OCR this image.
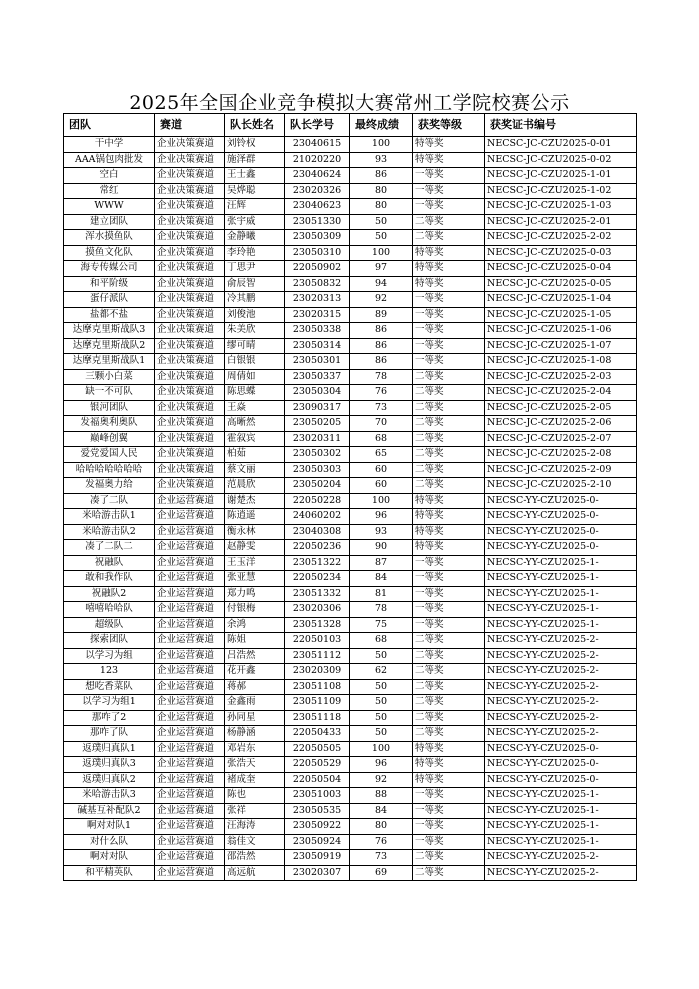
2025年全国企业竞争模拟大赛常州工学院校赛公示
团队	赛道	队长姓名	队长学号	最终成绩	获奖等级	获奖证书编号
干中学	企业决策赛道	刘铃权	23040615	100	特等奖	NECSC-JC-CZU2025-0-01
AAA锅包肉批发	企业决策赛道	施泽群	21020220	93	特等奖	NECSC-JC-CZU2025-0-02
空白	企业决策赛道	王士鑫	23040624	86	一等奖	NECSC-JC-CZU2025-1-01
常红	企业决策赛道	吴烨聪	23020326	80	一等奖	NECSC-JC-CZU2025-1-02
WWW	企业决策赛道	汪辉	23040623	80	一等奖	NECSC-JC-CZU2025-1-03
建立团队	企业决策赛道	张宇威	23051330	50	二等奖	NECSC-JC-CZU2025-2-01
浑水摸鱼队	企业决策赛道	金静曦	23050309	50	二等奖	NECSC-JC-CZU2025-2-02
摸鱼文化队	企业决策赛道	李玲艳	23050310	100	特等奖	NECSC-JC-CZU2025-0-03
海专传媒公司	企业决策赛道	丁思尹	22050902	97	特等奖	NECSC-JC-CZU2025-0-04
和平阶级	企业决策赛道	俞辰智	23050832	94	特等奖	NECSC-JC-CZU2025-0-05
蛋仔派队	企业决策赛道	冷其鹏	23020313	92	一等奖	NECSC-JC-CZU2025-1-04
盐都不盐	企业决策赛道	刘俊池	23020315	89	一等奖	NECSC-JC-CZU2025-1-05
达摩克里斯战队3	企业决策赛道	朱美欣	23050338	86	一等奖	NECSC-JC-CZU2025-1-06
达摩克里斯战队2	企业决策赛道	缪可晴	23050314	86	一等奖	NECSC-JC-CZU2025-1-07
达摩克里斯战队1	企业决策赛道	白银银	23050301	86	一等奖	NECSC-JC-CZU2025-1-08
三颗小白菜	企业决策赛道	周倩如	23050337	78	二等奖	NECSC-JC-CZU2025-2-03
缺一不可队	企业决策赛道	陈思蝶	23050304	76	二等奖	NECSC-JC-CZU2025-2-04
银河团队	企业决策赛道	王焱	23090317	73	二等奖	NECSC-JC-CZU2025-2-05
发福奥利奥队	企业决策赛道	高晰然	23050205	70	二等奖	NECSC-JC-CZU2025-2-06
巅峰创翼	企业决策赛道	霍叙宾	23020311	68	二等奖	NECSC-JC-CZU2025-2-07
爱党爱国人民	企业决策赛道	柏茹	23050302	65	二等奖	NECSC-JC-CZU2025-2-08
哈哈哈哈哈哈哈	企业决策赛道	蔡文丽	23050303	60	二等奖	NECSC-JC-CZU2025-2-09
发福奥力给	企业决策赛道	范晨欣	23050204	60	二等奖	NECSC-JC-CZU2025-2-10
凑了二队	企业运营赛道	谢楚杰	22050228	100	特等奖	NECSC-YY-CZU2025-0-
米哈游击队1	企业运营赛道	陈逍遥	24060202	96	特等奖	NECSC-YY-CZU2025-0-
米哈游击队2	企业运营赛道	衡永林	23040308	93	特等奖	NECSC-YY-CZU2025-0-
凑了二队二	企业运营赛道	赵静雯	22050236	90	特等奖	NECSC-YY-CZU2025-0-
祝融队	企业运营赛道	王玉洋	23051322	87	一等奖	NECSC-YY-CZU2025-1-
敢和我作队	企业运营赛道	张亚慧	22050234	84	一等奖	NECSC-YY-CZU2025-1-
祝融队2	企业运营赛道	郑力鸣	23051332	81	一等奖	NECSC-YY-CZU2025-1-
嘻嘻哈哈队	企业运营赛道	付银梅	23020306	78	一等奖	NECSC-YY-CZU2025-1-
超级队	企业运营赛道	余鸿	23051328	75	一等奖	NECSC-YY-CZU2025-1-
探索团队	企业运营赛道	陈姐	22050103	68	二等奖	NECSC-YY-CZU2025-2-
以学习为组	企业运营赛道	吕浩然	23051112	50	二等奖	NECSC-YY-CZU2025-2-
123	企业运营赛道	花开鑫	23020309	62	二等奖	NECSC-YY-CZU2025-2-
想吃香菜队	企业运营赛道	蒋郝	23051108	50	二等奖	NECSC-YY-CZU2025-2-
以学习为组1	企业运营赛道	金鑫雨	23051109	50	二等奖	NECSC-YY-CZU2025-2-
那咋了2	企业运营赛道	孙同星	23051118	50	二等奖	NECSC-YY-CZU2025-2-
那咋了队	企业运营赛道	杨静涵	22050433	50	二等奖	NECSC-YY-CZU2025-2-
返璞归真队1	企业运营赛道	邓岩东	22050505	100	特等奖	NECSC-YY-CZU2025-0-
返璞归真队3	企业运营赛道	张浩天	22050529	96	特等奖	NECSC-YY-CZU2025-0-
返璞归真队2	企业运营赛道	褚成奎	22050504	92	特等奖	NECSC-YY-CZU2025-0-
米哈游击队3	企业运营赛道	陈也	23051003	88	一等奖	NECSC-YY-CZU2025-1-
碱基互补配队2	企业运营赛道	张祥	23050535	84	一等奖	NECSC-YY-CZU2025-1-
啊对对队1	企业运营赛道	汪海涛	23050922	80	一等奖	NECSC-YY-CZU2025-1-
对什么队	企业运营赛道	翁佳文	23050924	76	一等奖	NECSC-YY-CZU2025-1-
啊对对队	企业运营赛道	邵浩然	23050919	73	二等奖	NECSC-YY-CZU2025-2-
和平精英队	企业运营赛道	高远航	23020307	69	二等奖	NECSC-YY-CZU2025-2-
